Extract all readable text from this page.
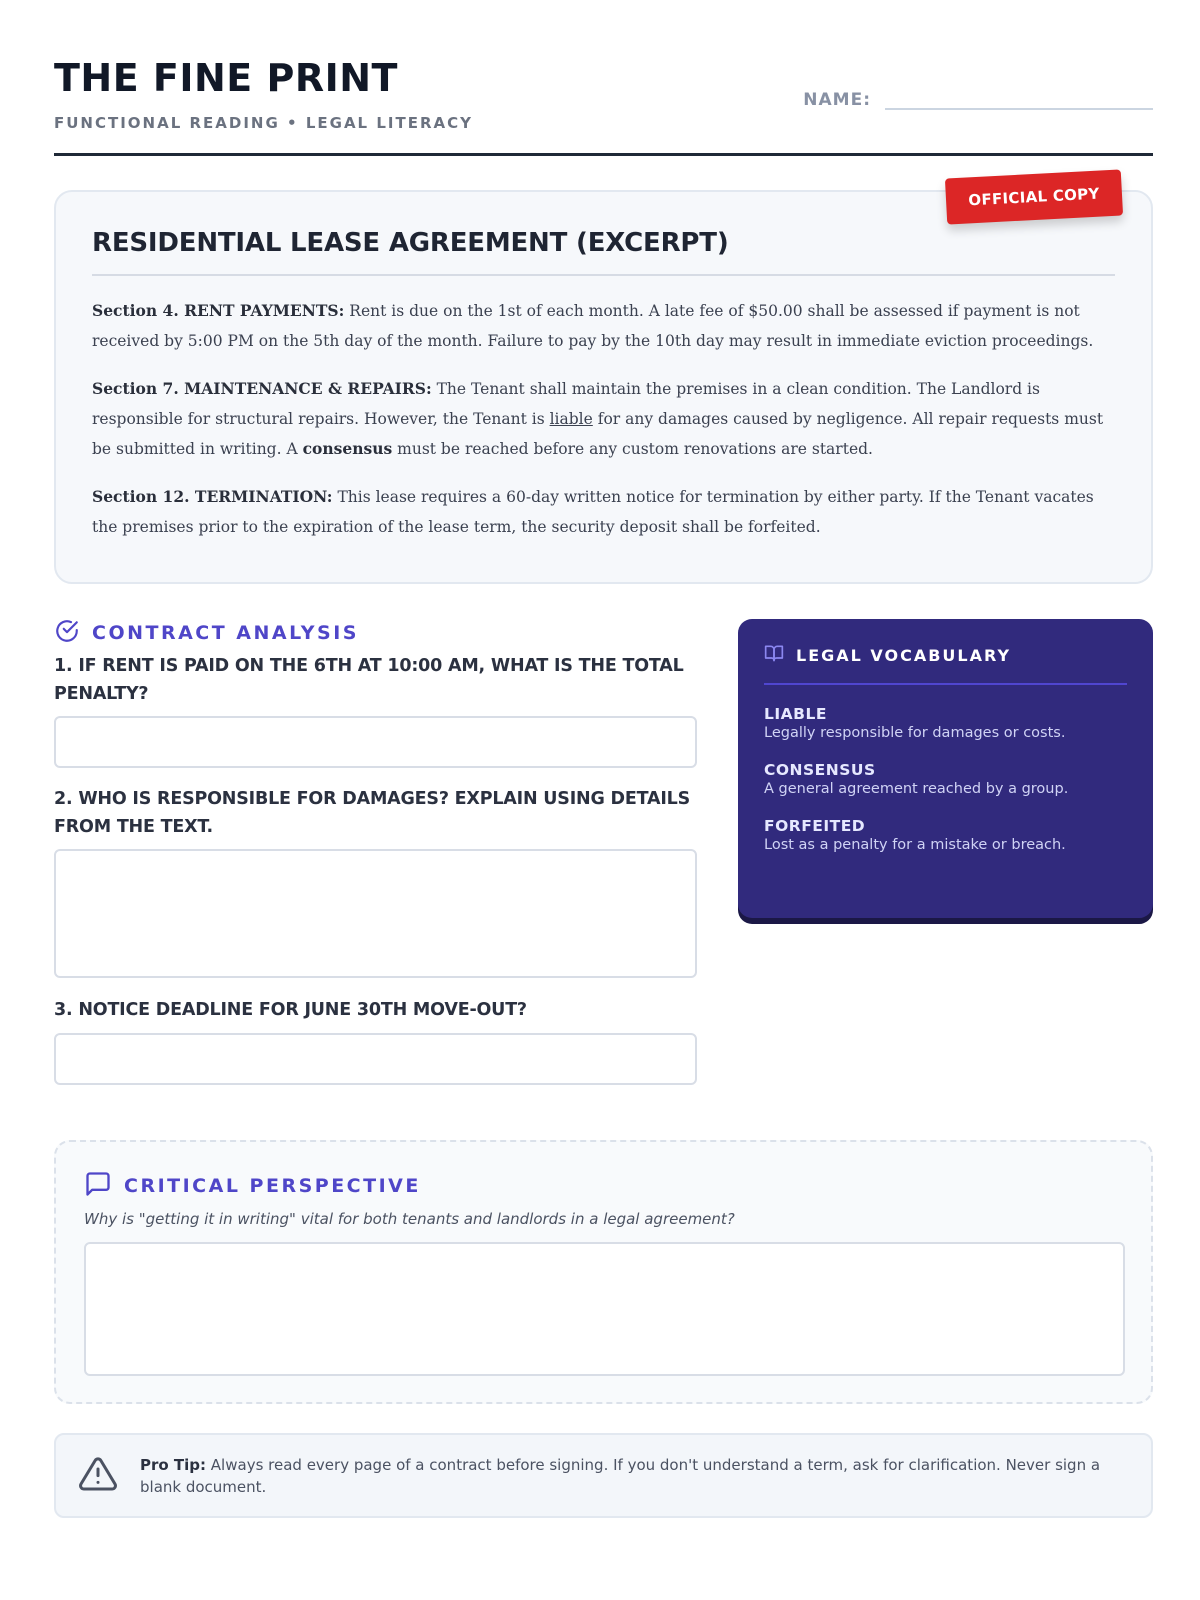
THE FINE PRINT
FUNCTIONAL READING • LEGAL LITERACY
NAME:
RESIDENTIAL LEASE AGREEMENT (EXCERPT)

Section 4. RENT PAYMENTS: Rent is due on the 1st of each month. A late fee of $50.00 shall be assessed if payment is not received by 5:00 PM on the 5th day of the month. Failure to pay by the 10th day may result in immediate eviction proceedings.

Section 7. MAINTENANCE & REPAIRS: The Tenant shall maintain the premises in a clean condition. The Landlord is responsible for structural repairs. However, the Tenant is liable for any damages caused by negligence. All repair requests must be submitted in writing. A consensus must be reached before any custom renovations are started.

Section 12. TERMINATION: This lease requires a 60-day written notice for termination by either party. If the Tenant vacates the premises prior to the expiration of the lease term, the security deposit shall be forfeited.

OFFICIAL COPY
CONTRACT ANALYSIS
1. IF RENT IS PAID ON THE 6TH AT 10:00 AM, WHAT IS THE TOTAL PENALTY?
2. WHO IS RESPONSIBLE FOR DAMAGES? EXPLAIN USING DETAILS FROM THE TEXT.
3. NOTICE DEADLINE FOR JUNE 30TH MOVE-OUT?
LEGAL VOCABULARY
LIABLE
Legally responsible for damages or costs.
CONSENSUS
A general agreement reached by a group.
FORFEITED
Lost as a penalty for a mistake or breach.
CRITICAL PERSPECTIVE
Why is "getting it in writing" vital for both tenants and landlords in a legal agreement?
Pro Tip: Always read every page of a contract before signing. If you don't understand a term, ask for clarification. Never sign a blank document.
